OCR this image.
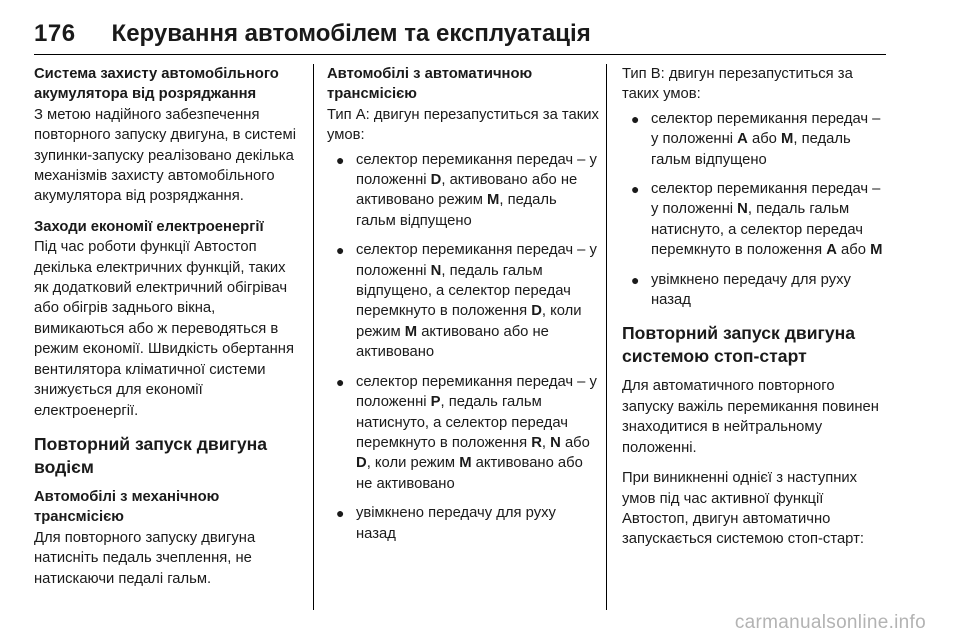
176 Керування автомобілем та експлуатація

Система захисту автомобільного акумулятора від розряджання

З метою надійного забезпечення повторного запуску двигуна, в системі зупинки-запуску реалізовано декілька механізмів захисту автомобільного акумулятора від розряджання.

Заходи економії електроенергії

Під час роботи функції Автостоп декілька електричних функцій, таких як додатковий електричний обігрівач або обігрів заднього вікна, вимикаються або ж переводяться в режим економії. Швидкість обертання вентилятора кліматичної системи знижується для економії електроенергії.

Повторний запуск двигуна водієм

Автомобілі з механічною трансмісією

Для повторного запуску двигуна натисніть педаль зчеплення, не натискаючи педалі гальм.

Автомобілі з автоматичною трансмісією

Тип A: двигун перезапуститься за таких умов:

● селектор перемикання передач – у положенні D, активовано або не активовано режим M, педаль гальм відпущено
● селектор перемикання передач – у положенні N, педаль гальм відпущено, а селектор передач перемкнуто в положення D, коли режим M активовано або не активовано
● селектор перемикання передач – у положенні P, педаль гальм натиснуто, а селектор передач перемкнуто в положення R, N або D, коли режим M активовано або не активовано
● увімкнено передачу для руху назад

Тип B: двигун перезапуститься за таких умов:

● селектор перемикання передач – у положенні A або M, педаль гальм відпущено
● селектор перемикання передач – у положенні N, педаль гальм натиснуто, а селектор передач перемкнуто в положення A або M
● увімкнено передачу для руху назад

Повторний запуск двигуна системою стоп-старт

Для автоматичного повторного запуску важіль перемикання повинен знаходитися в нейтральному положенні.

При виникненні однієї з наступних умов під час активної функції Автостоп, двигун автоматично запускається системою стоп-старт:

carmanualsonline.info
